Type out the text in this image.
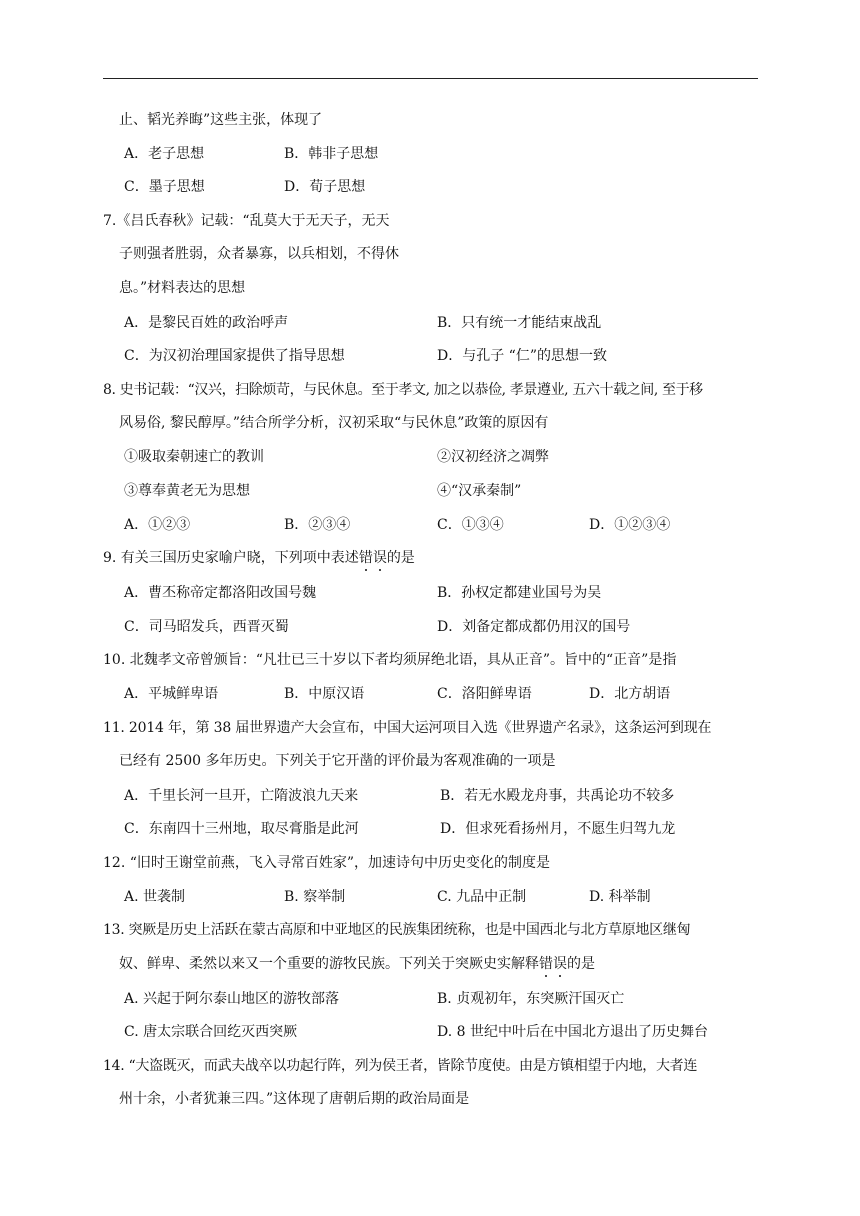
止、韬光养晦”这些主张，体现了
A．老子思想	B．韩非子思想
C．墨子思想	D．荀子思想
7.《吕氏春秋》记载：“乱莫大于无天子，无天
子则强者胜弱，众者暴寡，以兵相划，不得休
息。”材料表达的思想
A．是黎民百姓的政治呼声	B．只有统一才能结束战乱
C．为汉初治理国家提供了指导思想	D．与孔子 “仁”的思想一致
8. 史书记载：“汉兴，扫除烦苛，与民休息。至于孝文, 加之以恭俭, 孝景遵业, 五六十载之间, 至于移
风易俗, 黎民醇厚。”结合所学分析，汉初采取“与民休息”政策的原因有
①吸取秦朝速亡的教训	②汉初经济之凋弊
③尊奉黄老无为思想	④“汉承秦制”
A．①②③	B．②③④	C．①③④	D．①②③④
9. 有关三国历史家喻户晓，下列项中表述错误的是
A．曹丕称帝定都洛阳改国号魏	B．孙权定都建业国号为吴
C．司马昭发兵，西晋灭蜀	D．刘备定都成都仍用汉的国号
10. 北魏孝文帝曾颁旨：“凡壮已三十岁以下者均须屏绝北语，具从正音”。旨中的“正音”是指
A．平城鲜卑语	B．中原汉语	C．洛阳鲜卑语	D．北方胡语
11. 2014 年，第 38 届世界遗产大会宣布，中国大运河项目入选《世界遗产名录》，这条运河到现在
已经有 2500 多年历史。下列关于它开凿的评价最为客观准确的一项是
A．千里长河一旦开，亡隋波浪九天来	B．若无水殿龙舟事，共禹论功不较多
C．东南四十三州地，取尽膏脂是此河	D．但求死看扬州月，不愿生归驾九龙
12. “旧时王谢堂前燕，飞入寻常百姓家”，加速诗句中历史变化的制度是
A. 世袭制	B. 察举制	C. 九品中正制	D. 科举制
13. 突厥是历史上活跃在蒙古高原和中亚地区的民族集团统称，也是中国西北与北方草原地区继匈
奴、鲜卑、柔然以来又一个重要的游牧民族。下列关于突厥史实解释错误的是
A. 兴起于阿尔泰山地区的游牧部落	B. 贞观初年，东突厥汗国灭亡
C. 唐太宗联合回纥灭西突厥	D. 8 世纪中叶后在中国北方退出了历史舞台
14. “大盗既灭，而武夫战卒以功起行阵，列为侯王者，皆除节度使。由是方镇相望于内地，大者连
州十余，小者犹兼三四。”这体现了唐朝后期的政治局面是
